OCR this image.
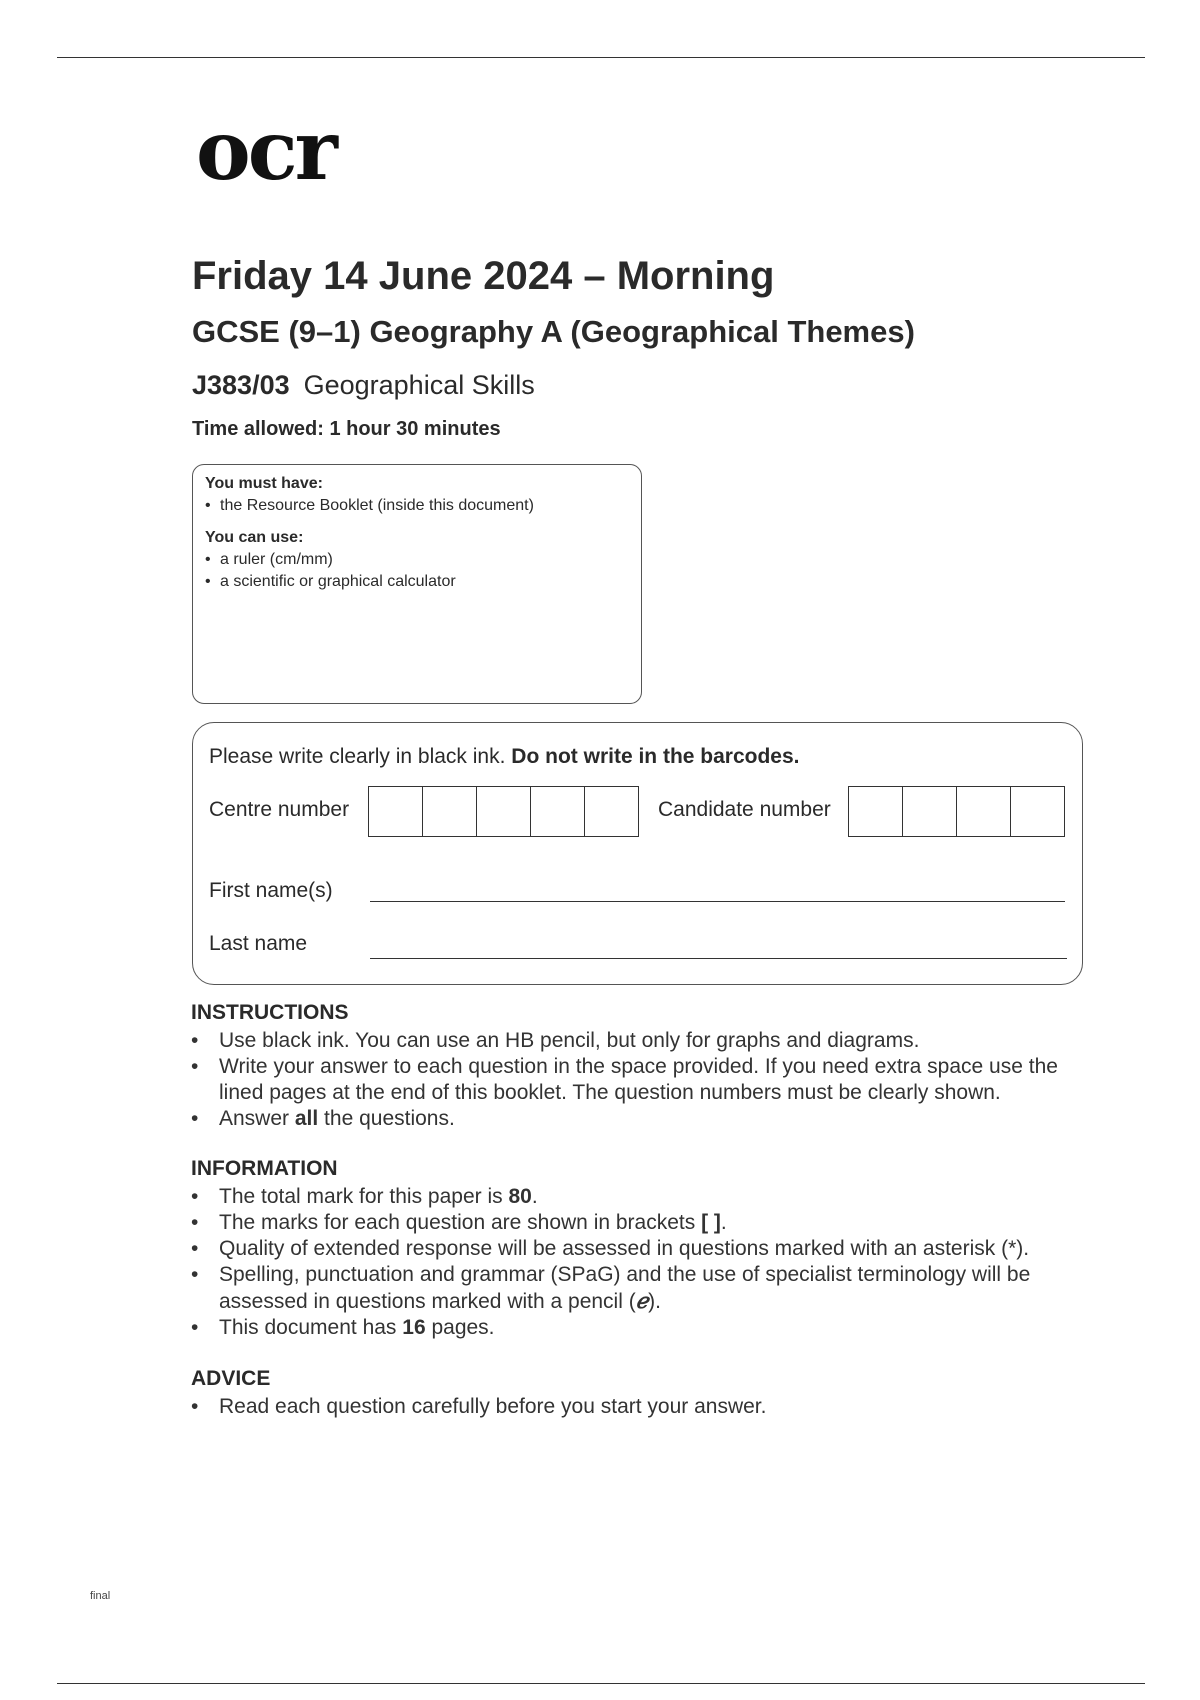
ocr
Friday 14 June 2024 – Morning
GCSE (9–1) Geography A (Geographical Themes)
J383/03 Geographical Skills
Time allowed: 1 hour 30 minutes

You must have:

• the Resource Booklet (inside this document)

You can use:

• a ruler (cm/mm)
• a scientific or graphical calculator
Please write clearly in black ink. Do not write in the barcodes.
Centre number	Candidate number
First name(s)
Last name
INSTRUCTIONS
• Use black ink. You can use an HB pencil, but only for graphs and diagrams.
• Write your answer to each question in the space provided. If you need extra space use the lined pages at the end of this booklet. The question numbers must be clearly shown.
• Answer all the questions.
INFORMATION
• The total mark for this paper is 80.
• The marks for each question are shown in brackets [ ].
• Quality of extended response will be assessed in questions marked with an asterisk (*).
• Spelling, punctuation and grammar (SPaG) and the use of specialist terminology will be assessed in questions marked with a pencil (ℯ).
• This document has 16 pages.
ADVICE
• Read each question carefully before you start your answer.
final
